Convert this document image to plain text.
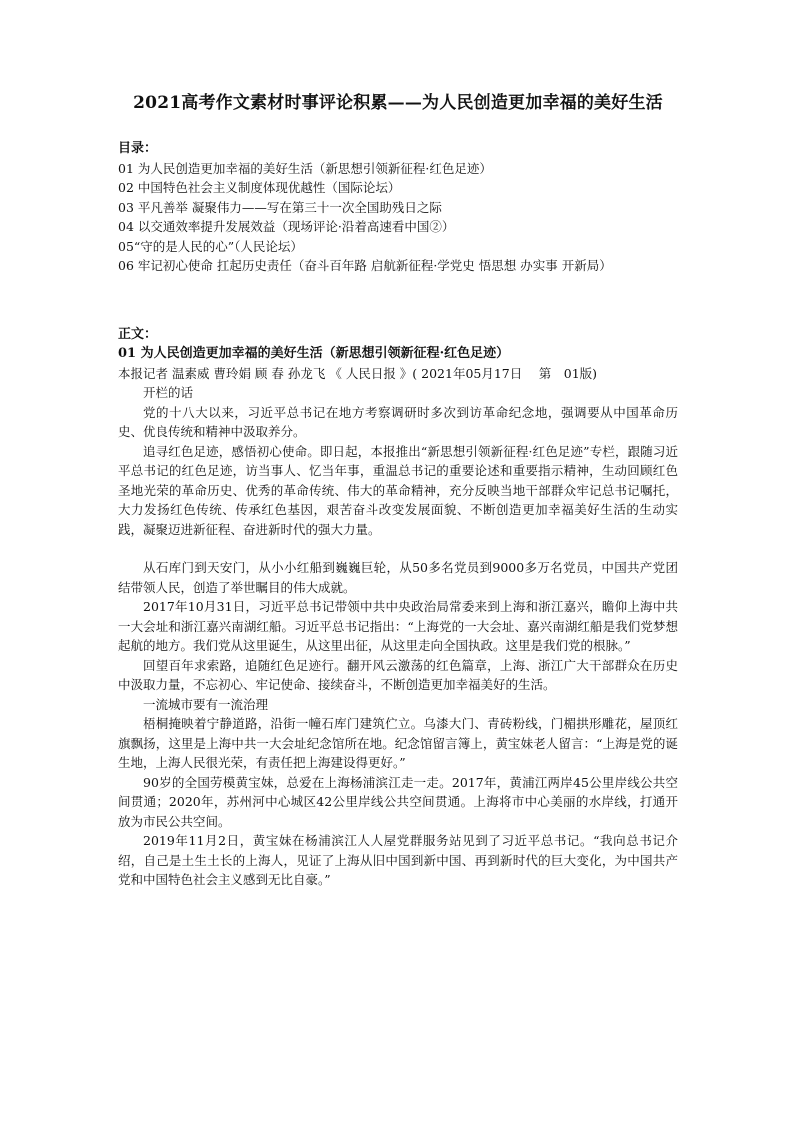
2021高考作文素材时事评论积累——为人民创造更加幸福的美好生活
目录：
01 为人民创造更加幸福的美好生活（新思想引领新征程·红色足迹）
02 中国特色社会主义制度体现优越性（国际论坛）
03 平凡善举 凝聚伟力——写在第三十一次全国助残日之际
04 以交通效率提升发展效益（现场评论·沿着高速看中国②）
05“守的是人民的心”（人民论坛）
06 牢记初心使命 扛起历史责任（奋斗百年路 启航新征程·学党史 悟思想 办实事 开新局）
正文：
01 为人民创造更加幸福的美好生活（新思想引领新征程·红色足迹）
本报记者 温素威 曹玲娟 顾 春 孙龙飞 《 人民日报 》( 2021年05月17日　 第　01版)

开栏的话

党的十八大以来，习近平总书记在地方考察调研时多次到访革命纪念地，强调要从中国革命历史、优良传统和精神中汲取养分。

追寻红色足迹，感悟初心使命。即日起，本报推出“新思想引领新征程·红色足迹”专栏，跟随习近平总书记的红色足迹，访当事人、忆当年事，重温总书记的重要论述和重要指示精神，生动回顾红色圣地光荣的革命历史、优秀的革命传统、伟大的革命精神，充分反映当地干部群众牢记总书记嘱托，大力发扬红色传统、传承红色基因，艰苦奋斗改变发展面貌、不断创造更加幸福美好生活的生动实践，凝聚迈进新征程、奋进新时代的强大力量。

从石库门到天安门，从小小红船到巍巍巨轮，从50多名党员到9000多万名党员，中国共产党团结带领人民，创造了举世瞩目的伟大成就。

2017年10月31日，习近平总书记带领中共中央政治局常委来到上海和浙江嘉兴，瞻仰上海中共一大会址和浙江嘉兴南湖红船。习近平总书记指出：“上海党的一大会址、嘉兴南湖红船是我们党梦想起航的地方。我们党从这里诞生，从这里出征，从这里走向全国执政。这里是我们党的根脉。”

回望百年求索路，追随红色足迹行。翻开风云激荡的红色篇章，上海、浙江广大干部群众在历史中汲取力量，不忘初心、牢记使命、接续奋斗，不断创造更加幸福美好的生活。

一流城市要有一流治理

梧桐掩映着宁静道路，沿街一幢石库门建筑伫立。乌漆大门、青砖粉线，门楣拱形雕花，屋顶红旗飘扬，这里是上海中共一大会址纪念馆所在地。纪念馆留言簿上，黄宝妹老人留言：“上海是党的诞生地，上海人民很光荣，有责任把上海建设得更好。”

90岁的全国劳模黄宝妹，总爱在上海杨浦滨江走一走。2017年，黄浦江两岸45公里岸线公共空间贯通；2020年，苏州河中心城区42公里岸线公共空间贯通。上海将市中心美丽的水岸线，打通开放为市民公共空间。

2019年11月2日，黄宝妹在杨浦滨江人人屋党群服务站见到了习近平总书记。“我向总书记介绍，自己是土生土长的上海人，见证了上海从旧中国到新中国、再到新时代的巨大变化，为中国共产党和中国特色社会主义感到无比自豪。”
